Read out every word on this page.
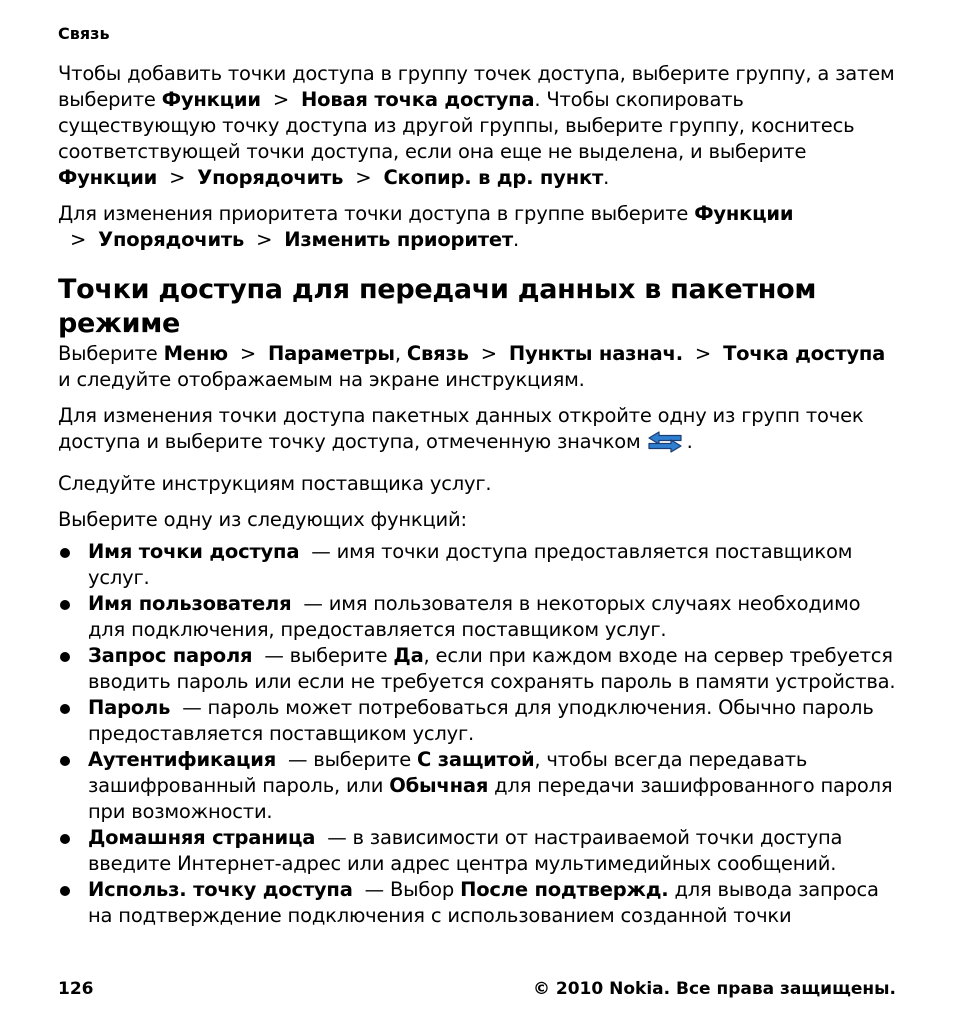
Связь

Чтобы добавить точки доступа в группу точек доступа, выберите группу, а затем выберите Функции  >  Новая точка доступа. Чтобы скопировать существующую точку доступа из другой группы, выберите группу, коснитесь соответствующей точки доступа, если она еще не выделена, и выберите Функции  >  Упорядочить  >  Скопир. в др. пункт.

Для изменения приоритета точки доступа в группе выберите Функции  >  Упорядочить  >  Изменить приоритет.

Точки доступа для передачи данных в пакетном режиме

Выберите Меню  >  Параметры, Связь  >  Пункты назнач.  >  Точка доступа и следуйте отображаемым на экране инструкциям.

Для изменения точки доступа пакетных данных откройте одну из групп точек доступа и выберите точку доступа, отмеченную значком .

Следуйте инструкциям поставщика услуг.

Выберите одну из следующих функций:

Имя точки доступа  — имя точки доступа предоставляется поставщиком услуг.
Имя пользователя  — имя пользователя в некоторых случаях необходимо для подключения, предоставляется поставщиком услуг.
Запрос пароля  — выберите Да, если при каждом входе на сервер требуется вводить пароль или если не требуется сохранять пароль в памяти устройства.
Пароль  — пароль может потребоваться для уподключения. Обычно пароль предоставляется поставщиком услуг.
Аутентификация  — выберите С защитой, чтобы всегда передавать зашифрованный пароль, или Обычная для передачи зашифрованного пароля при возможности.
Домашняя страница  — в зависимости от настраиваемой точки доступа введите Интернет-адрес или адрес центра мультимедийных сообщений.
Использ. точку доступа  — Выбор После подтвержд. для вывода запроса на подтверждение подключения с использованием созданной точки
126	© 2010 Nokia. Все права защищены.
